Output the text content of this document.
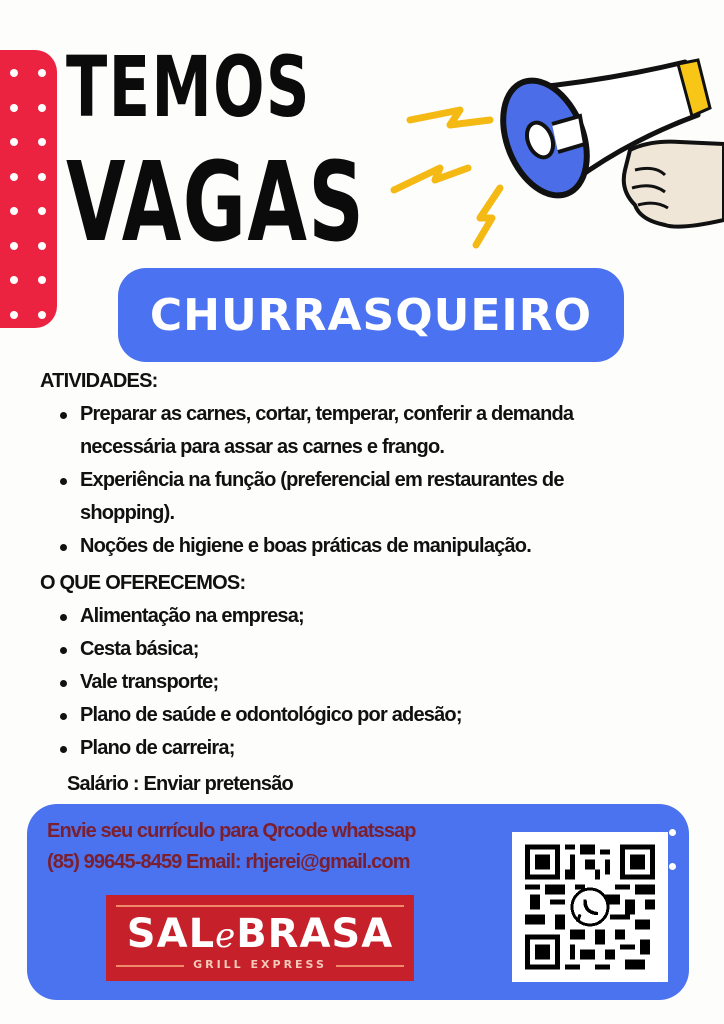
TEMOS
VAGAS
CHURRASQUEIRO
ATIVIDADES:
Preparar as carnes, cortar, temperar, conferir a demanda
necessária para assar as carnes e frango.
Experiência na função (preferencial em restaurantes de
shopping).
Noções de higiene e boas práticas de manipulação.
O QUE OFERECEMOS:
Alimentação na empresa;
Cesta básica;
Vale transporte;
Plano de saúde e odontológico por adesão;
Plano de carreira;
Salário : Enviar pretensão
Envie seu currículo para Qrcode whatssap
(85) 99645-8459 Email: rhjerei@gmail.com
SALeBRASA
GRILL EXPRESS
